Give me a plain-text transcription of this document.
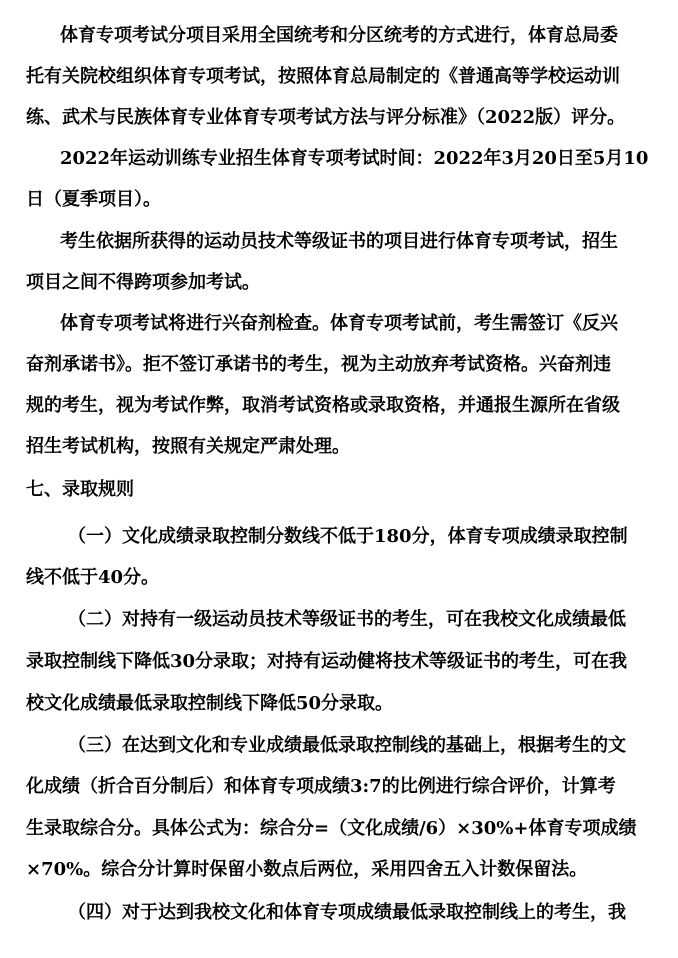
体育专项考试分项目采用全国统考和分区统考的方式进行，体育总局委
托有关院校组织体育专项考试，按照体育总局制定的《普通高等学校运动训
练、武术与民族体育专业体育专项考试方法与评分标准》（2022版）评分。
2022年运动训练专业招生体育专项考试时间：2022年3月20日至5月10
日（夏季项目）。
考生依据所获得的运动员技术等级证书的项目进行体育专项考试，招生
项目之间不得跨项参加考试。
体育专项考试将进行兴奋剂检查。体育专项考试前，考生需签订《反兴
奋剂承诺书》。拒不签订承诺书的考生，视为主动放弃考试资格。兴奋剂违
规的考生，视为考试作弊，取消考试资格或录取资格，并通报生源所在省级
招生考试机构，按照有关规定严肃处理。
七、录取规则
（一）文化成绩录取控制分数线不低于180分，体育专项成绩录取控制
线不低于40分。
（二）对持有一级运动员技术等级证书的考生，可在我校文化成绩最低
录取控制线下降低30分录取；对持有运动健将技术等级证书的考生，可在我
校文化成绩最低录取控制线下降低50分录取。
（三）在达到文化和专业成绩最低录取控制线的基础上，根据考生的文
化成绩（折合百分制后）和体育专项成绩3:7的比例进行综合评价，计算考
生录取综合分。具体公式为：综合分=（文化成绩/6）×30%+体育专项成绩
×70%。综合分计算时保留小数点后两位，采用四舍五入计数保留法。
（四）对于达到我校文化和体育专项成绩最低录取控制线上的考生，我
